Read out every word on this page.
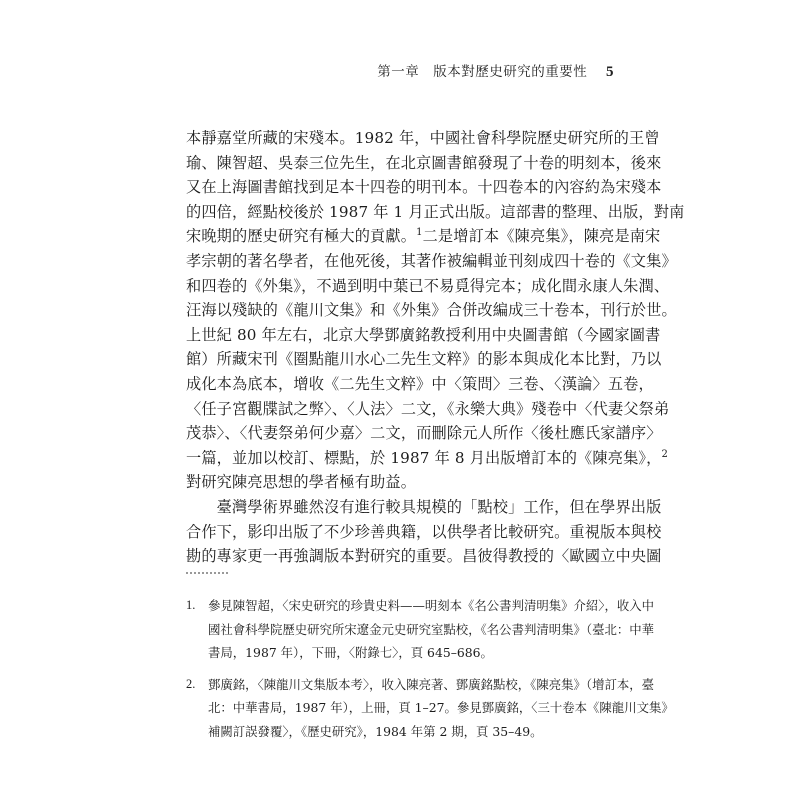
第一章　版本對歷史研究的重要性 5
本靜嘉堂所藏的宋殘本。1982 年，中國社會科學院歷史研究所的王曾
瑜、陳智超、吳泰三位先生，在北京圖書館發現了十卷的明刻本，後來
又在上海圖書館找到足本十四卷的明刊本。十四卷本的內容約為宋殘本
的四倍，經點校後於 1987 年 1 月正式出版。這部書的整理、出版，對南
宋晚期的歷史研究有極大的貢獻。$^1$二是增訂本《陳亮集》，陳亮是南宋
孝宗朝的著名學者，在他死後，其著作被編輯並刊刻成四十卷的《文集》
和四卷的《外集》，不過到明中葉已不易覓得完本；成化間永康人朱潤、
汪海以殘缺的《龍川文集》和《外集》合併改編成三十卷本，刊行於世。
上世紀 80 年左右，北京大學鄧廣銘教授利用中央圖書館（今國家圖書
館）所藏宋刊《圈點龍川水心二先生文粹》的影本與成化本比對，乃以
成化本為底本，增收《二先生文粹》中〈策問〉三卷、〈漢論〉五卷，
〈任子宮觀牒試之弊〉、〈人法〉二文，《永樂大典》殘卷中〈代妻父祭弟
茂恭〉、〈代妻祭弟何少嘉〉二文，而刪除元人所作〈後杜應氏家譜序〉
一篇，並加以校訂、標點，於 1987 年 8 月出版增訂本的《陳亮集》，$^2$
對研究陳亮思想的學者極有助益。
　　臺灣學術界雖然沒有進行較具規模的「點校」工作，但在學界出版
合作下，影印出版了不少珍善典籍，以供學者比較研究。重視版本與校
勘的專家更一再強調版本對研究的重要。昌彼得教授的〈歐國立中央圖
1.	參見陳智超，〈宋史研究的珍貴史料——明刻本《名公書判清明集》介紹〉，收入中
國社會科學院歷史研究所宋遼金元史研究室點校，《名公書判清明集》（臺北：中華
書局，1987 年），下冊，〈附錄七〉，頁 645–686。
2.	鄧廣銘，〈陳龍川文集版本考〉，收入陳亮著、鄧廣銘點校，《陳亮集》（增訂本，臺
北：中華書局，1987 年），上冊，頁 1–27。參見鄧廣銘，〈三十卷本《陳龍川文集》
補闕訂誤發覆〉，《歷史研究》，1984 年第 2 期，頁 35–49。
